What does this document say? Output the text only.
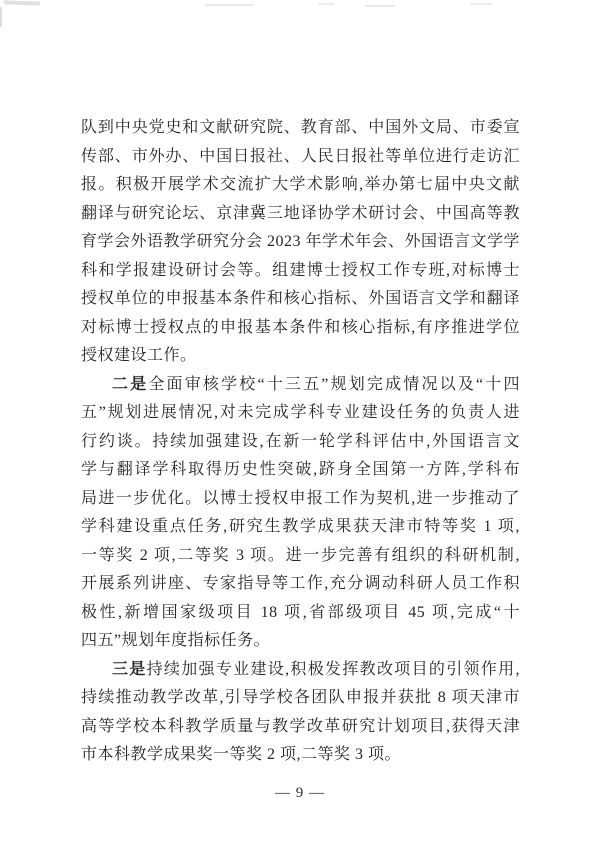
队到中央党史和文献研究院、教育部、中国外文局、市委宣
传部、市外办、中国日报社、人民日报社等单位进行走访汇
报。积极开展学术交流扩大学术影响,举办第七届中央文献
翻译与研究论坛、京津冀三地译协学术研讨会、中国高等教
育学会外语教学研究分会 2023 年学术年会、外国语言文学学
科和学报建设研讨会等。组建博士授权工作专班,对标博士
授权单位的申报基本条件和核心指标、外国语言文学和翻译
对标博士授权点的申报基本条件和核心指标,有序推进学位
授权建设工作。
二是全面审核学校“十三五”规划完成情况以及“十四
五”规划进展情况,对未完成学科专业建设任务的负责人进
行约谈。持续加强建设,在新一轮学科评估中,外国语言文
学与翻译学科取得历史性突破,跻身全国第一方阵,学科布
局进一步优化。以博士授权申报工作为契机,进一步推动了
学科建设重点任务,研究生教学成果获天津市特等奖 1 项,
一等奖 2 项,二等奖 3 项。进一步完善有组织的科研机制,
开展系列讲座、专家指导等工作,充分调动科研人员工作积
极性,新增国家级项目 18 项,省部级项目 45 项,完成“十
四五”规划年度指标任务。
三是持续加强专业建设,积极发挥教改项目的引领作用,
持续推动教学改革,引导学校各团队申报并获批 8 项天津市
高等学校本科教学质量与教学改革研究计划项目,获得天津
市本科教学成果奖一等奖 2 项,二等奖 3 项。
— 9 —
